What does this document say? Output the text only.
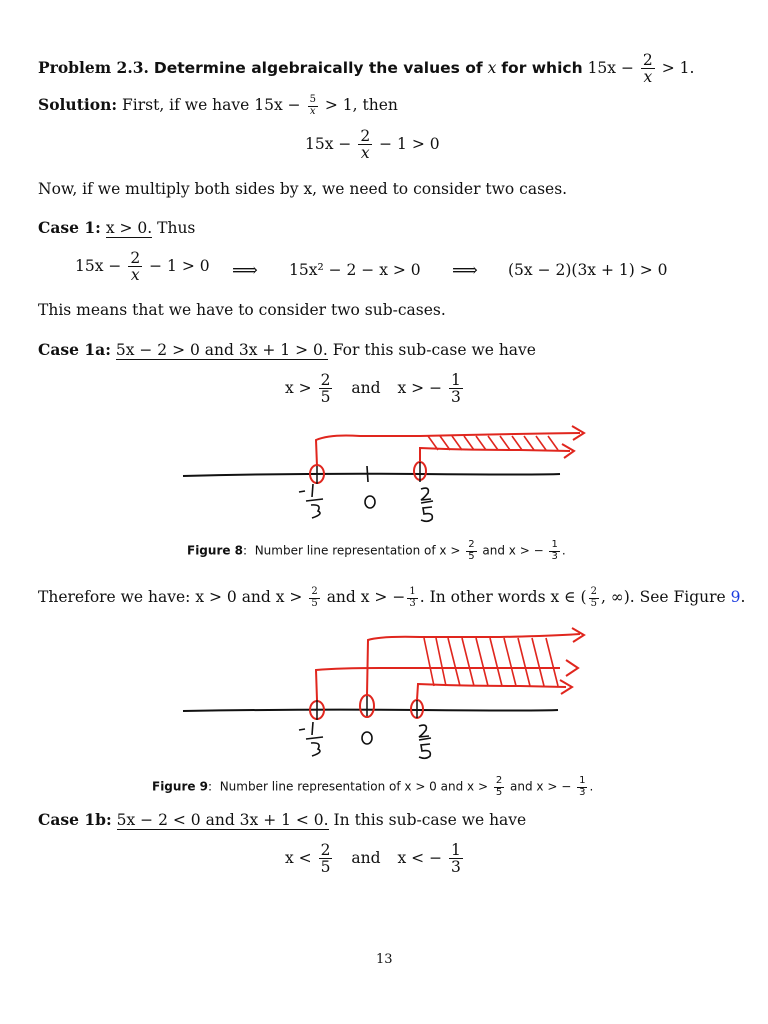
Problem 2.3. Determine algebraically the values of x for which $15x - \frac{2}{x} > 1$.
Solution: First, if we have $15x - \frac{5}{x} > 1$, then
$15x - \frac{2}{x} - 1 > 0$
Now, if we multiply both sides by x, we need to consider two cases.
Case 1: x > 0. Thus
$15x - \frac{2}{x} - 1 > 0$ ⟹ 15x² − 2 − x > 0 ⟹ (5x − 2)(3x + 1) > 0
This means that we have to consider two sub-cases.
Case 1a: 5x − 2 > 0 and 3x + 1 > 0. For this sub-case we have
$x > \frac{2}{5}$ and x > − $\frac{1}{3}$
Figure 8:  Number line representation of $x > \frac{2}{5}$ and x > − $\frac{1}{3}$ .
Therefore we have: x > 0 and $x > \frac{2}{5}$ and x > − $\frac{1}{3}$ . In other words x ∈ ( $\frac{2}{5}$ , ∞). See Figure 9.
Figure 9:  Number line representation of x > 0 and $x > \frac{2}{5}$ and x > − $\frac{1}{3}$ .
Case 1b: 5x − 2 < 0 and 3x + 1 < 0. In this sub-case we have
$x < \frac{2}{5}$ and x < − $\frac{1}{3}$
13
